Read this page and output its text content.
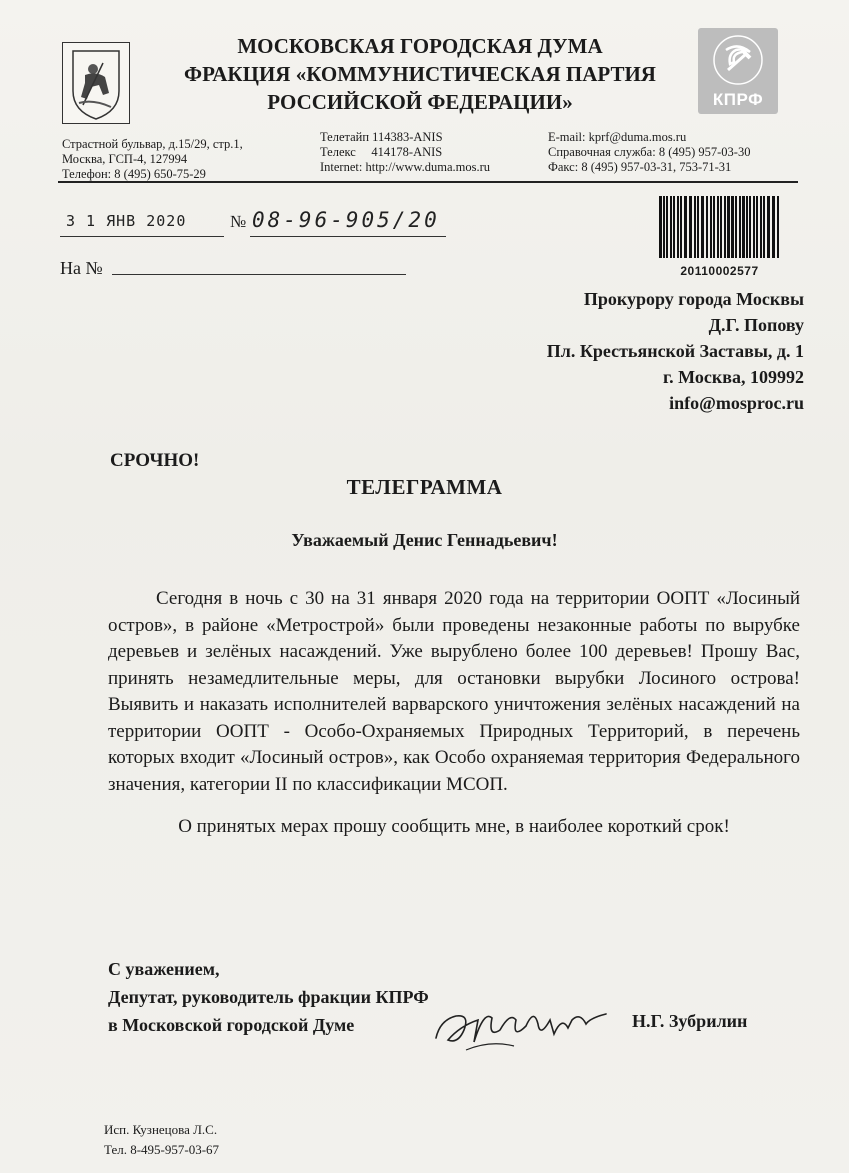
МОСКОВСКАЯ ГОРОДСКАЯ ДУМА
ФРАКЦИЯ «КОММУНИСТИЧЕСКАЯ ПАРТИЯ
РОССИЙСКОЙ ФЕДЕРАЦИИ»	КПРФ
Страстной бульвар, д.15/29, стр.1,
Москва, ГСП-4, 127994
Телефон: 8 (495) 650-75-29
Телетайп 114383-ANIS
Телекс     414178-ANIS
Internet: http://www.duma.mos.ru
E-mail: kprf@duma.mos.ru
Справочная служба: 8 (495) 957-03-30
Факс: 8 (495) 957-03-31, 753-71-31
3 1 ЯНВ 2020	№ 08-96-905/20
На №	20110002577
Прокурору города Москвы
Д.Г. Попову
Пл. Крестьянской Заставы, д. 1
г. Москва, 109992
info@mosproc.ru
СРОЧНО!
ТЕЛЕГРАММА
Уважаемый Денис Геннадьевич!

Сегодня в ночь с 30 на 31 января 2020 года на территории ООПТ «Лосиный остров», в районе «Метрострой» были проведены незаконные работы по вырубке деревьев и зелёных насаждений. Уже вырублено более 100 деревьев! Прошу Вас, принять незамедлительные меры, для остановки вырубки Лосиного острова! Выявить и наказать исполнителей варварского уничтожения зелёных насаждений на территории ООПТ - Особо-Охраняемых Природных Территорий, в перечень которых входит «Лосиный остров», как Особо охраняемая территория Федерального значения, категории II по классификации МСОП.

О принятых мерах прошу сообщить мне, в наиболее короткий срок!

С уважением,
Депутат, руководитель фракции КПРФ
в Московской городской Думе	Н.Г. Зубрилин
Исп. Кузнецова Л.С.
Тел. 8-495-957-03-67
